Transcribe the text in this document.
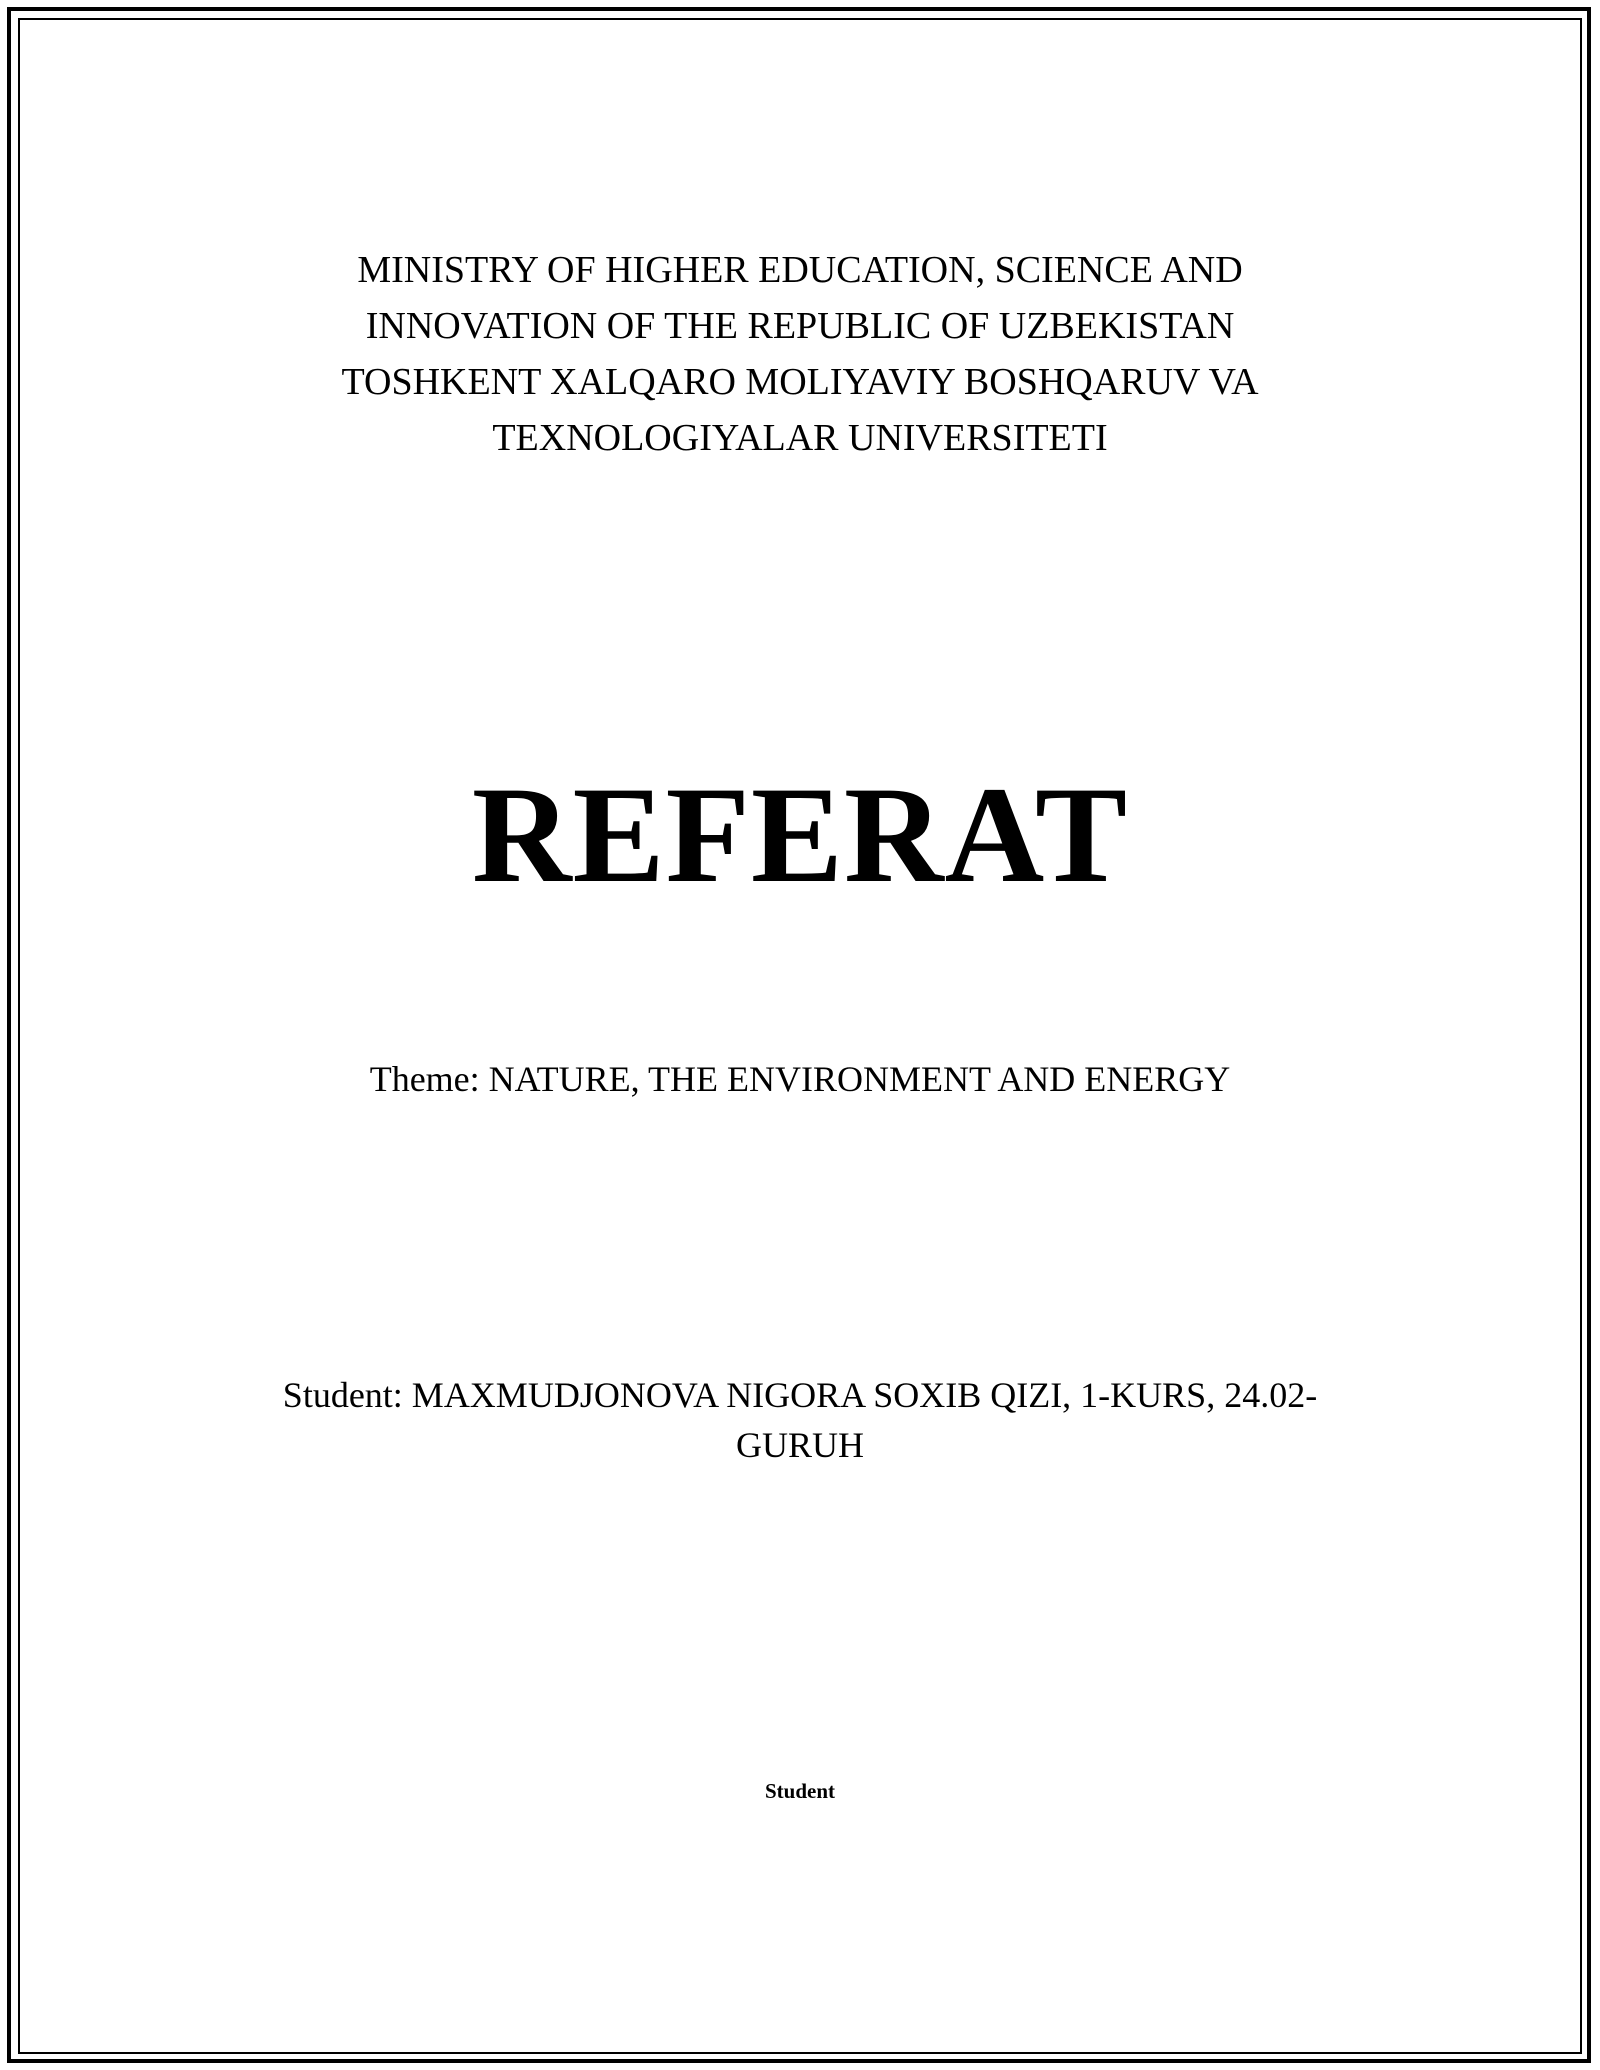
MINISTRY OF HIGHER EDUCATION, SCIENCE AND
INNOVATION OF THE REPUBLIC OF UZBEKISTAN
TOSHKENT XALQARO MOLIYAVIY BOSHQARUV VA
TEXNOLOGIYALAR UNIVERSITETI
REFERAT
Theme: NATURE, THE ENVIRONMENT AND ENERGY
Student: MAXMUDJONOVA NIGORA SOXIB QIZI, 1-KURS, 24.02-
GURUH
Student
